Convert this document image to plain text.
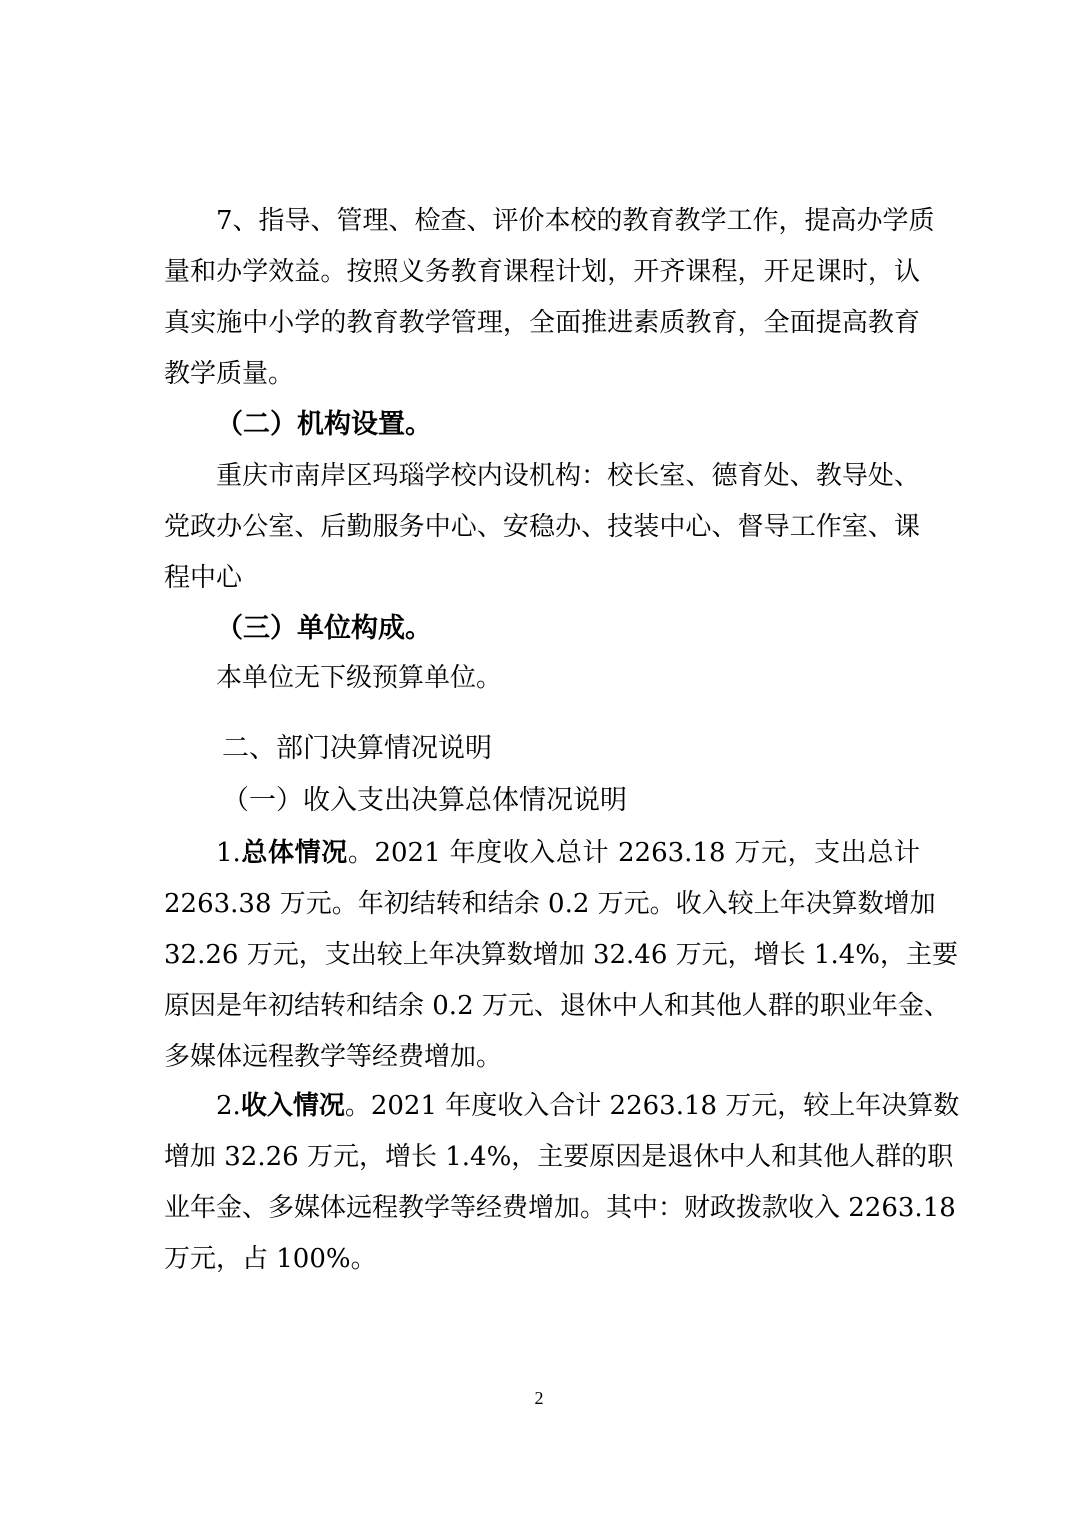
7、指导、管理、检查、评价本校的教育教学工作，提高办学质
量和办学效益。按照义务教育课程计划，开齐课程，开足课时，认
真实施中小学的教育教学管理，全面推进素质教育，全面提高教育
教学质量。
（二）机构设置。
重庆市南岸区玛瑙学校内设机构：校长室、德育处、教导处、
党政办公室、后勤服务中心、安稳办、技装中心、督导工作室、课
程中心
（三）单位构成。
本单位无下级预算单位。
二、部门决算情况说明
（一）收入支出决算总体情况说明
1.总体情况。2021 年度收入总计 2263.18 万元，支出总计
2263.38 万元。年初结转和结余 0.2 万元。收入较上年决算数增加
32.26 万元，支出较上年决算数增加 32.46 万元，增长 1.4%，主要
原因是年初结转和结余 0.2 万元、退休中人和其他人群的职业年金、
多媒体远程教学等经费增加。
2.收入情况。2021 年度收入合计 2263.18 万元，较上年决算数
增加 32.26 万元，增长 1.4%，主要原因是退休中人和其他人群的职
业年金、多媒体远程教学等经费增加。其中：财政拨款收入 2263.18
万元，占 100%。
2
